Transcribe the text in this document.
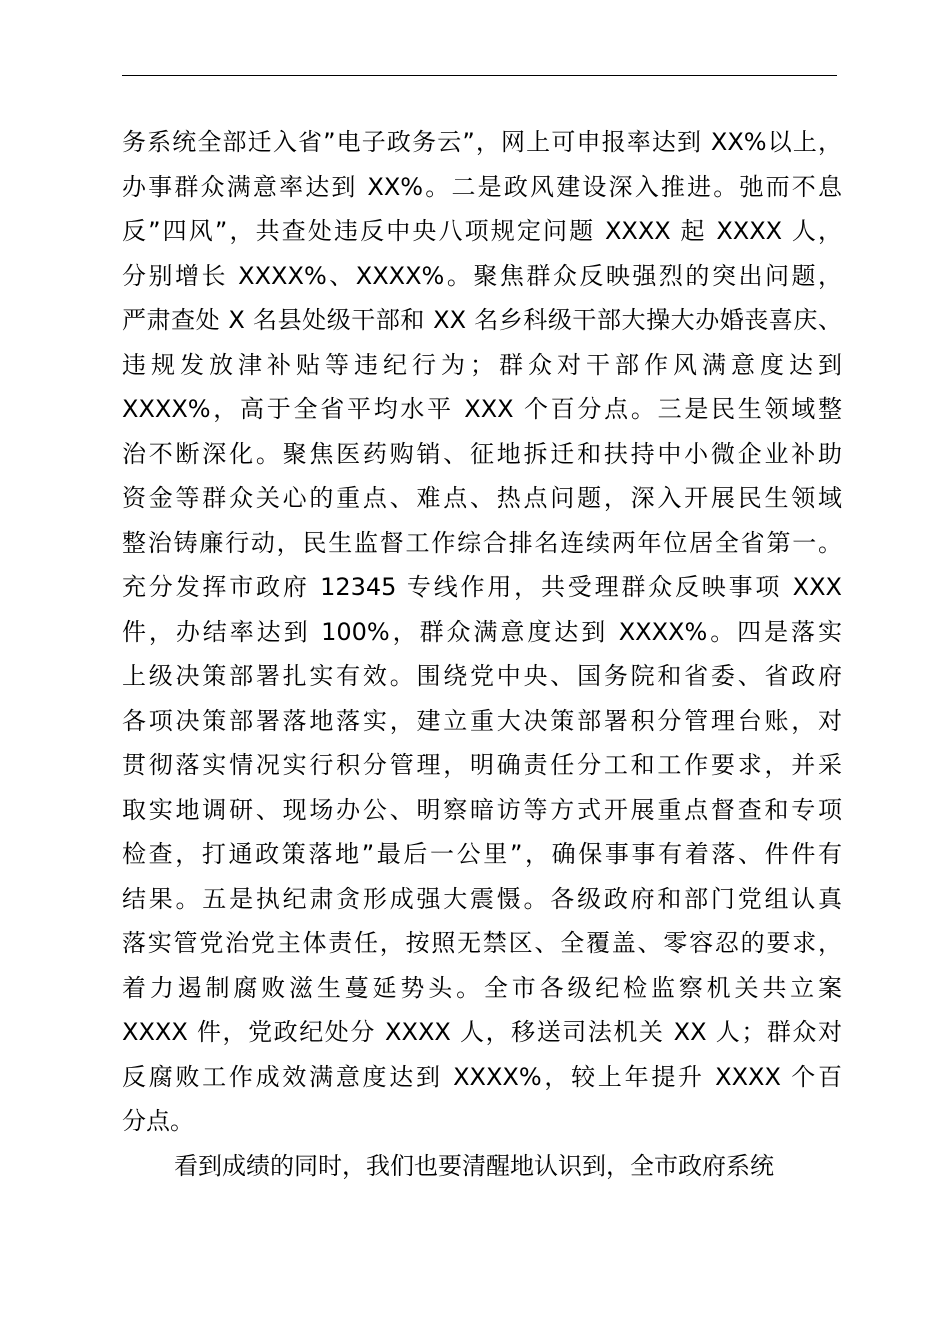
务系统全部迁入省”电子政务云”，网上可申报率达到 XX%以上，
办事群众满意率达到 XX%。二是政风建设深入推进。弛而不息
反”四风”，共查处违反中央八项规定问题 XXXX 起 XXXX 人，
分别增长 XXXX%、XXXX%。聚焦群众反映强烈的突出问题，
严肃查处 X 名县处级干部和 XX 名乡科级干部大操大办婚丧喜庆、
违规发放津补贴等违纪行为；群众对干部作风满意度达到
XXXX%，高于全省平均水平 XXX 个百分点。三是民生领域整
治不断深化。聚焦医药购销、征地拆迁和扶持中小微企业补助
资金等群众关心的重点、难点、热点问题，深入开展民生领域
整治铸廉行动，民生监督工作综合排名连续两年位居全省第一。
充分发挥市政府 12345 专线作用，共受理群众反映事项 XXX
件，办结率达到 100%，群众满意度达到 XXXX%。四是落实
上级决策部署扎实有效。围绕党中央、国务院和省委、省政府
各项决策部署落地落实，建立重大决策部署积分管理台账，对
贯彻落实情况实行积分管理，明确责任分工和工作要求，并采
取实地调研、现场办公、明察暗访等方式开展重点督查和专项
检查，打通政策落地”最后一公里”，确保事事有着落、件件有
结果。五是执纪肃贪形成强大震慑。各级政府和部门党组认真
落实管党治党主体责任，按照无禁区、全覆盖、零容忍的要求，
着力遏制腐败滋生蔓延势头。全市各级纪检监察机关共立案
XXXX 件，党政纪处分 XXXX 人，移送司法机关 XX 人；群众对
反腐败工作成效满意度达到 XXXX%，较上年提升 XXXX 个百
分点。
看到成绩的同时，我们也要清醒地认识到，全市政府系统
